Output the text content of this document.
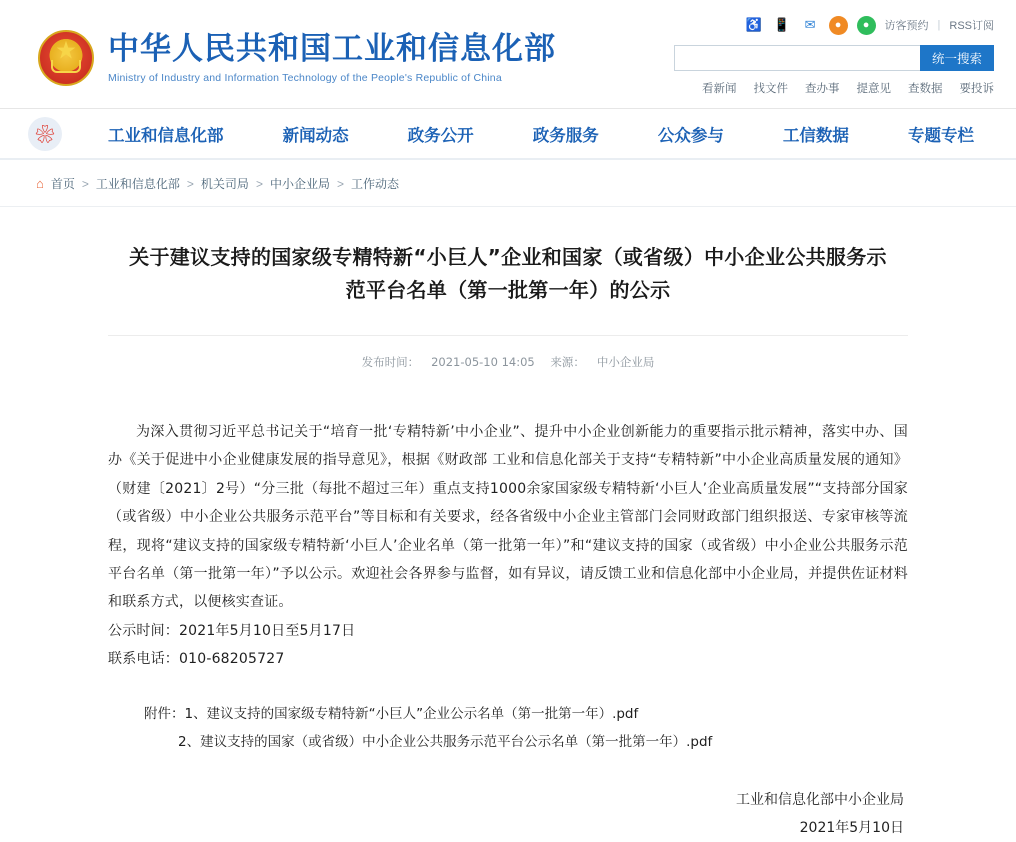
★
中华人民共和国工业和信息化部
Ministry of Industry and Information Technology of the People's Republic of China
♿ 📱	✉	●	●	访客预约 | RSS订阅
统一搜索
看新闻 找文件 查办事 提意见 查数据 要投诉
❀	工业和信息化部	新闻动态	政务公开	政务服务	公众参与	工信数据	专题专栏
⌂ 首页 > 工业和信息化部 > 机关司局 > 中小企业局 > 工作动态
关于建议支持的国家级专精特新“小巨人”企业和国家（或省级）中小企业公共服务示范平台名单（第一批第一年）的公示
发布时间： 2021-05-10 14:05 来源： 中小企业局

为深入贯彻习近平总书记关于“培育一批‘专精特新’中小企业”、提升中小企业创新能力的重要指示批示精神，落实中办、国办《关于促进中小企业健康发展的指导意见》，根据《财政部 工业和信息化部关于支持“专精特新”中小企业高质量发展的通知》（财建〔2021〕2号）“分三批（每批不超过三年）重点支持1000余家国家级专精特新‘小巨人’企业高质量发展”“支持部分国家（或省级）中小企业公共服务示范平台”等目标和有关要求，经各省级中小企业主管部门会同财政部门组织报送、专家审核等流程，现将“建议支持的国家级专精特新‘小巨人’企业名单（第一批第一年）”和“建议支持的国家（或省级）中小企业公共服务示范平台名单（第一批第一年）”予以公示。欢迎社会各界参与监督，如有异议，请反馈工业和信息化部中小企业局，并提供佐证材料和联系方式，以便核实查证。

公示时间：2021年5月10日至5月17日

联系电话：010-68205727

附件：1、建议支持的国家级专精特新“小巨人”企业公示名单（第一批第一年）.pdf
2、建议支持的国家（或省级）中小企业公共服务示范平台公示名单（第一批第一年）.pdf
工业和信息化部中小企业局
2021年5月10日
